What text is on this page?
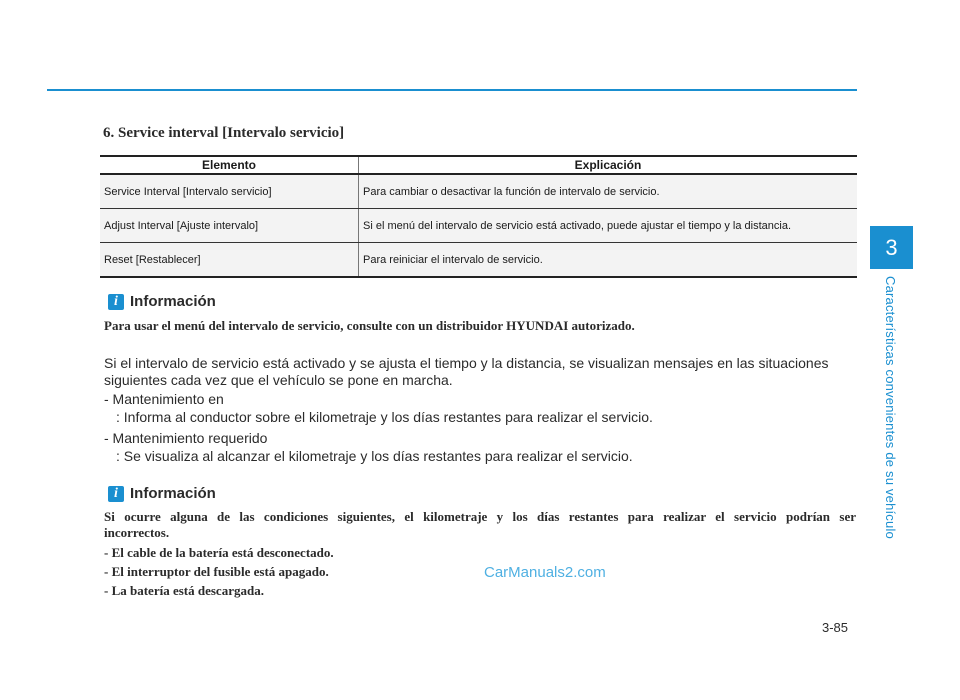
6. Service interval [Intervalo servicio]
Elemento	Explicación
Service Interval [Intervalo servicio]	Para cambiar o desactivar la función de intervalo de servicio.
Adjust Interval [Ajuste intervalo]	Si el menú del intervalo de servicio está activado, puede ajustar el tiempo y la distancia.
Reset [Restablecer]	Para reiniciar el intervalo de servicio.
i Información
Para usar el menú del intervalo de servicio, consulte con un distribuidor HYUNDAI autorizado.
Si el intervalo de servicio está activado y se ajusta el tiempo y la distancia, se visualizan mensajes en las situaciones
siguientes cada vez que el vehículo se pone en marcha.
- Mantenimiento en
: Informa al conductor sobre el kilometraje y los días restantes para realizar el servicio.
- Mantenimiento requerido
: Se visualiza al alcanzar el kilometraje y los días restantes para realizar el servicio.
i Información
Si ocurre alguna de las condiciones siguientes, el kilometraje y los días restantes para realizar el servicio podrían ser
incorrectos.
- El cable de la batería está desconectado.
- El interruptor del fusible está apagado.
- La batería está descargada.
CarManuals2.com
3-85
3
Características convenientes de su vehículo
